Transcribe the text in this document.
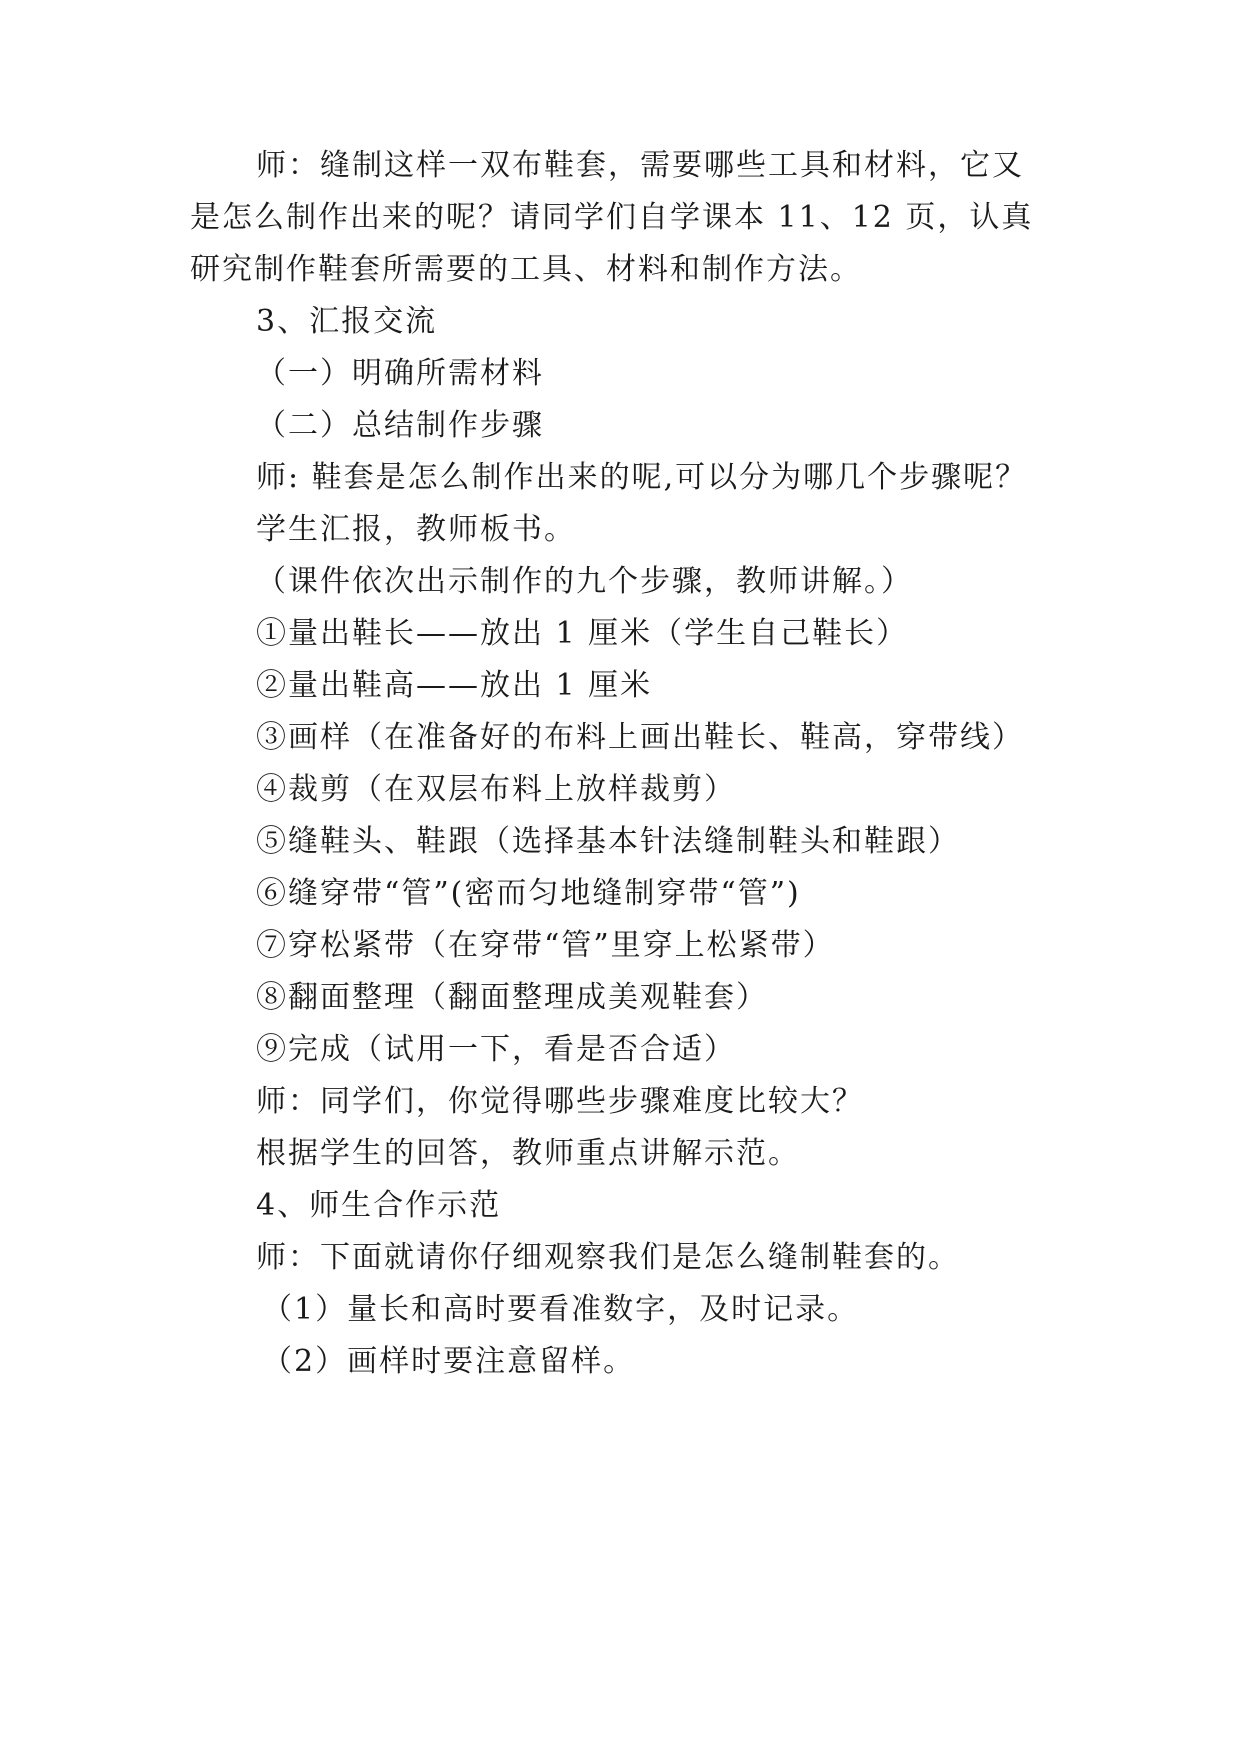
师：缝制这样一双布鞋套，需要哪些工具和材料，它又
是怎么制作出来的呢？请同学们自学课本 11、12 页，认真
研究制作鞋套所需要的工具、材料和制作方法。
3、汇报交流
（一）明确所需材料
（二）总结制作步骤
师: 鞋套是怎么制作出来的呢,可以分为哪几个步骤呢？
学生汇报，教师板书。
（课件依次出示制作的九个步骤，教师讲解。）
①量出鞋长——放出 1 厘米（学生自己鞋长）
②量出鞋高——放出 1 厘米
③画样（在准备好的布料上画出鞋长、鞋高，穿带线）
④裁剪（在双层布料上放样裁剪）
⑤缝鞋头、鞋跟（选择基本针法缝制鞋头和鞋跟）
⑥缝穿带“管”(密而匀地缝制穿带“管”)
⑦穿松紧带（在穿带“管”里穿上松紧带）
⑧翻面整理（翻面整理成美观鞋套）
⑨完成（试用一下，看是否合适）
师：同学们，你觉得哪些步骤难度比较大？
根据学生的回答，教师重点讲解示范。
4、师生合作示范
师：下面就请你仔细观察我们是怎么缝制鞋套的。
（1）量长和高时要看准数字，及时记录。
（2）画样时要注意留样。
